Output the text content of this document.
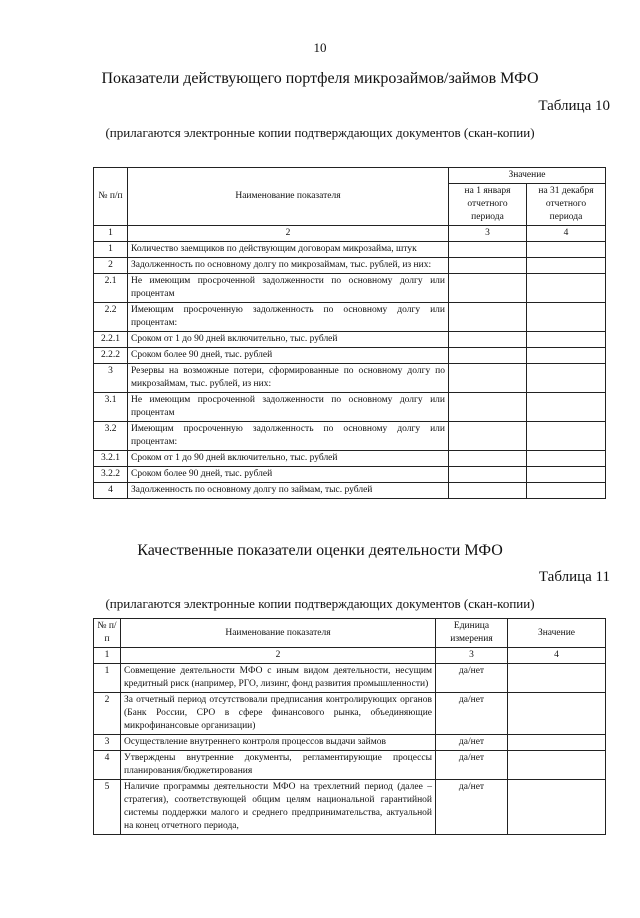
10
Показатели действующего портфеля микрозаймов/займов МФО
Таблица 10
(прилагаются электронные копии подтверждающих документов (скан-копии)
№ п/п	Наименование показателя	Значение	
		на 1 января отчетного периода	на 31 декабря отчетного периода
1	2	3	4
1	Количество заемщиков по действующим договорам микрозайма, штук		
2	Задолженность по основному долгу по микрозаймам, тыс. рублей, из них:		
2.1	Не имеющим просроченной задолженности по основному долгу или процентам		
2.2	Имеющим просроченную задолженность по основному долгу или процентам:		
2.2.1	Сроком от 1 до 90 дней включительно, тыс. рублей		
2.2.2	Сроком более 90 дней, тыс. рублей		
3	Резервы на возможные потери, сформированные по основному долгу по микрозаймам, тыс. рублей, из них:		
3.1	Не имеющим просроченной задолженности по основному долгу или процентам		
3.2	Имеющим просроченную задолженность по основному долгу или процентам:		
3.2.1	Сроком от 1 до 90 дней включительно, тыс. рублей		
3.2.2	Сроком более 90 дней, тыс. рублей		
4	Задолженность по основному долгу по займам, тыс. рублей		
Качественные показатели оценки деятельности МФО
Таблица 11
(прилагаются электронные копии подтверждающих документов (скан-копии)
№ п/п	Наименование показателя	Единица измерения	Значение
1	2	3	4
1	Совмещение деятельности МФО с иным видом деятельности, несущим кредитный риск (например, РГО, лизинг, фонд развития промышленности)	да/нет	
2	За отчетный период отсутствовали предписания контролирующих органов (Банк России, СРО в сфере финансового рынка, объединяющие микрофинансовые организации)	да/нет	
3	Осуществление внутреннего контроля процессов выдачи займов	да/нет	
4	Утверждены внутренние документы, регламентирующие процессы планирования/бюджетирования	да/нет	
5	Наличие программы деятельности МФО на трехлетний период (далее – стратегия), соответствующей общим целям национальной гарантийной системы поддержки малого и среднего предпринимательства, актуальной на конец отчетного периода,	да/нет	
